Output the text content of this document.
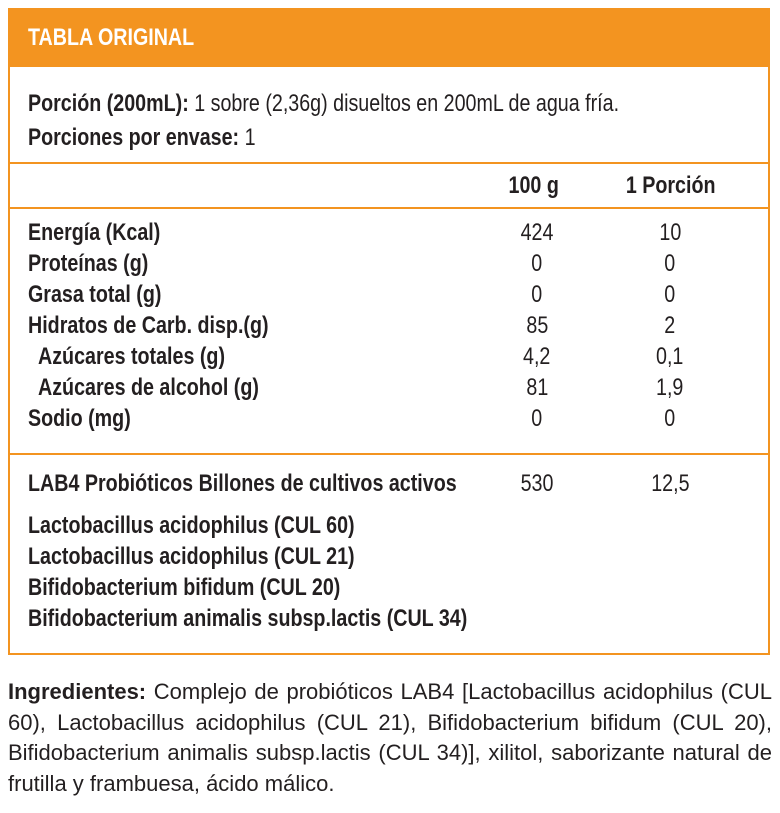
TABLA ORIGINAL
Porción (200mL): 1 sobre (2,36g) disueltos en 200mL de agua fría.
Porciones por envase: 1
100 g	1 Porción
Energía (Kcal)	424	10
Proteínas (g)	0	0
Grasa total (g)	0	0
Hidratos de Carb. disp.(g)	85	2
Azúcares totales (g)	4,2	0,1
Azúcares de alcohol (g)	81	1,9
Sodio (mg)	0	0
LAB4 Probióticos Billones de cultivos activos	530	12,5
Lactobacillus acidophilus (CUL 60)
Lactobacillus acidophilus (CUL 21)
Bifidobacterium bifidum (CUL 20)
Bifidobacterium animalis subsp.lactis (CUL 34)
Ingredientes: Complejo de probióticos LAB4 [Lactobacillus acidophilus (CUL 60), Lactobacillus acidophilus (CUL 21), Bifidobacterium bifidum (CUL 20), Bifidobacterium animalis subsp.lactis (CUL 34)], xilitol, saborizante natural de frutilla y frambuesa, ácido málico.
